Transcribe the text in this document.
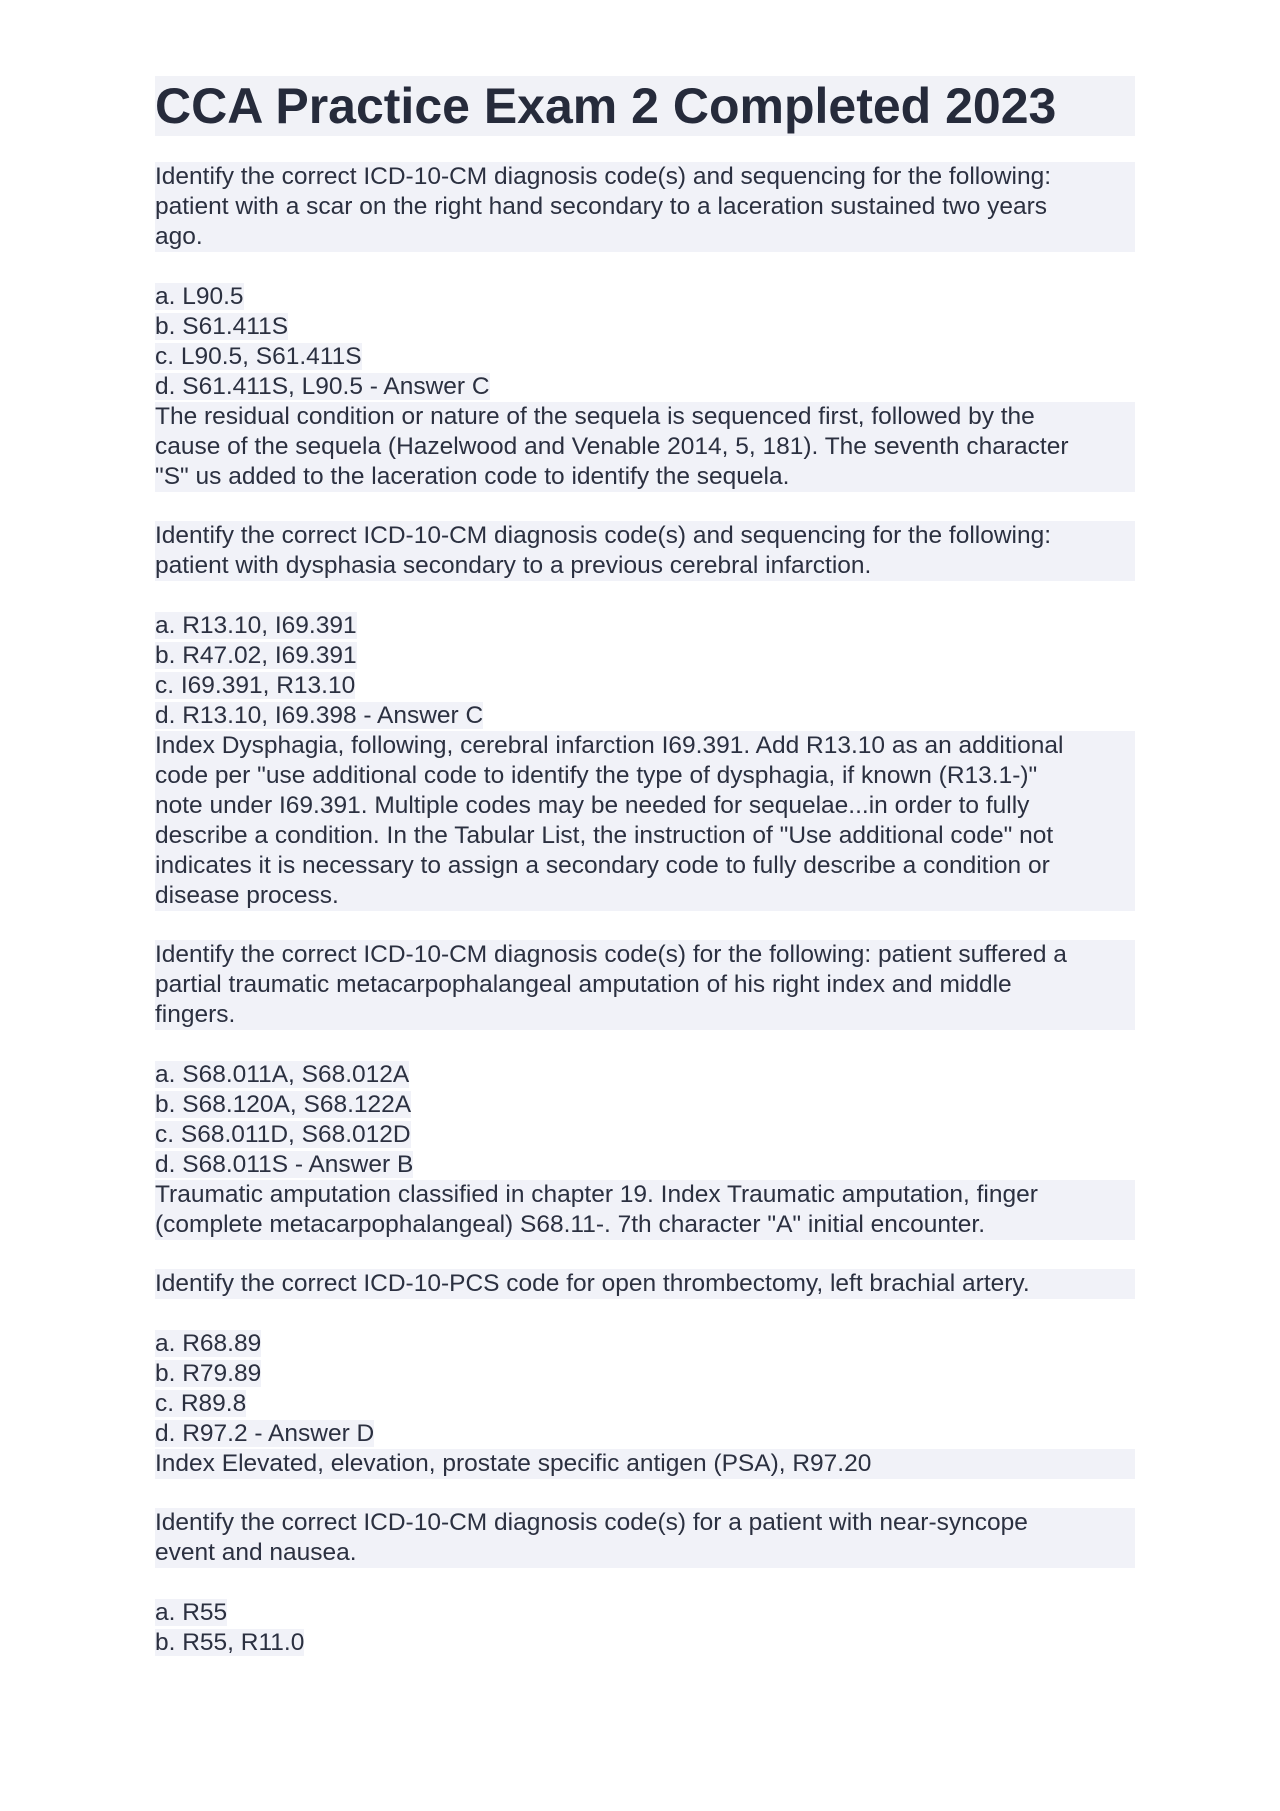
CCA Practice Exam 2 Completed 2023
Identify the correct ICD-10-CM diagnosis code(s) and sequencing for the following:
patient with a scar on the right hand secondary to a laceration sustained two years
ago.
a. L90.5
b. S61.411S
c. L90.5, S61.411S
d. S61.411S, L90.5 - Answer C
The residual condition or nature of the sequela is sequenced first, followed by the
cause of the sequela (Hazelwood and Venable 2014, 5, 181). The seventh character
"S" us added to the laceration code to identify the sequela.
Identify the correct ICD-10-CM diagnosis code(s) and sequencing for the following:
patient with dysphasia secondary to a previous cerebral infarction.
a. R13.10, I69.391
b. R47.02, I69.391
c. I69.391, R13.10
d. R13.10, I69.398 - Answer C
Index Dysphagia, following, cerebral infarction I69.391. Add R13.10 as an additional
code per "use additional code to identify the type of dysphagia, if known (R13.1-)"
note under I69.391. Multiple codes may be needed for sequelae...in order to fully
describe a condition. In the Tabular List, the instruction of "Use additional code" not
indicates it is necessary to assign a secondary code to fully describe a condition or
disease process.
Identify the correct ICD-10-CM diagnosis code(s) for the following: patient suffered a
partial traumatic metacarpophalangeal amputation of his right index and middle
fingers.
a. S68.011A, S68.012A
b. S68.120A, S68.122A
c. S68.011D, S68.012D
d. S68.011S - Answer B
Traumatic amputation classified in chapter 19. Index Traumatic amputation, finger
(complete metacarpophalangeal) S68.11-. 7th character "A" initial encounter.
Identify the correct ICD-10-PCS code for open thrombectomy, left brachial artery.
a. R68.89
b. R79.89
c. R89.8
d. R97.2 - Answer D
Index Elevated, elevation, prostate specific antigen (PSA), R97.20
Identify the correct ICD-10-CM diagnosis code(s) for a patient with near-syncope
event and nausea.
a. R55
b. R55, R11.0
